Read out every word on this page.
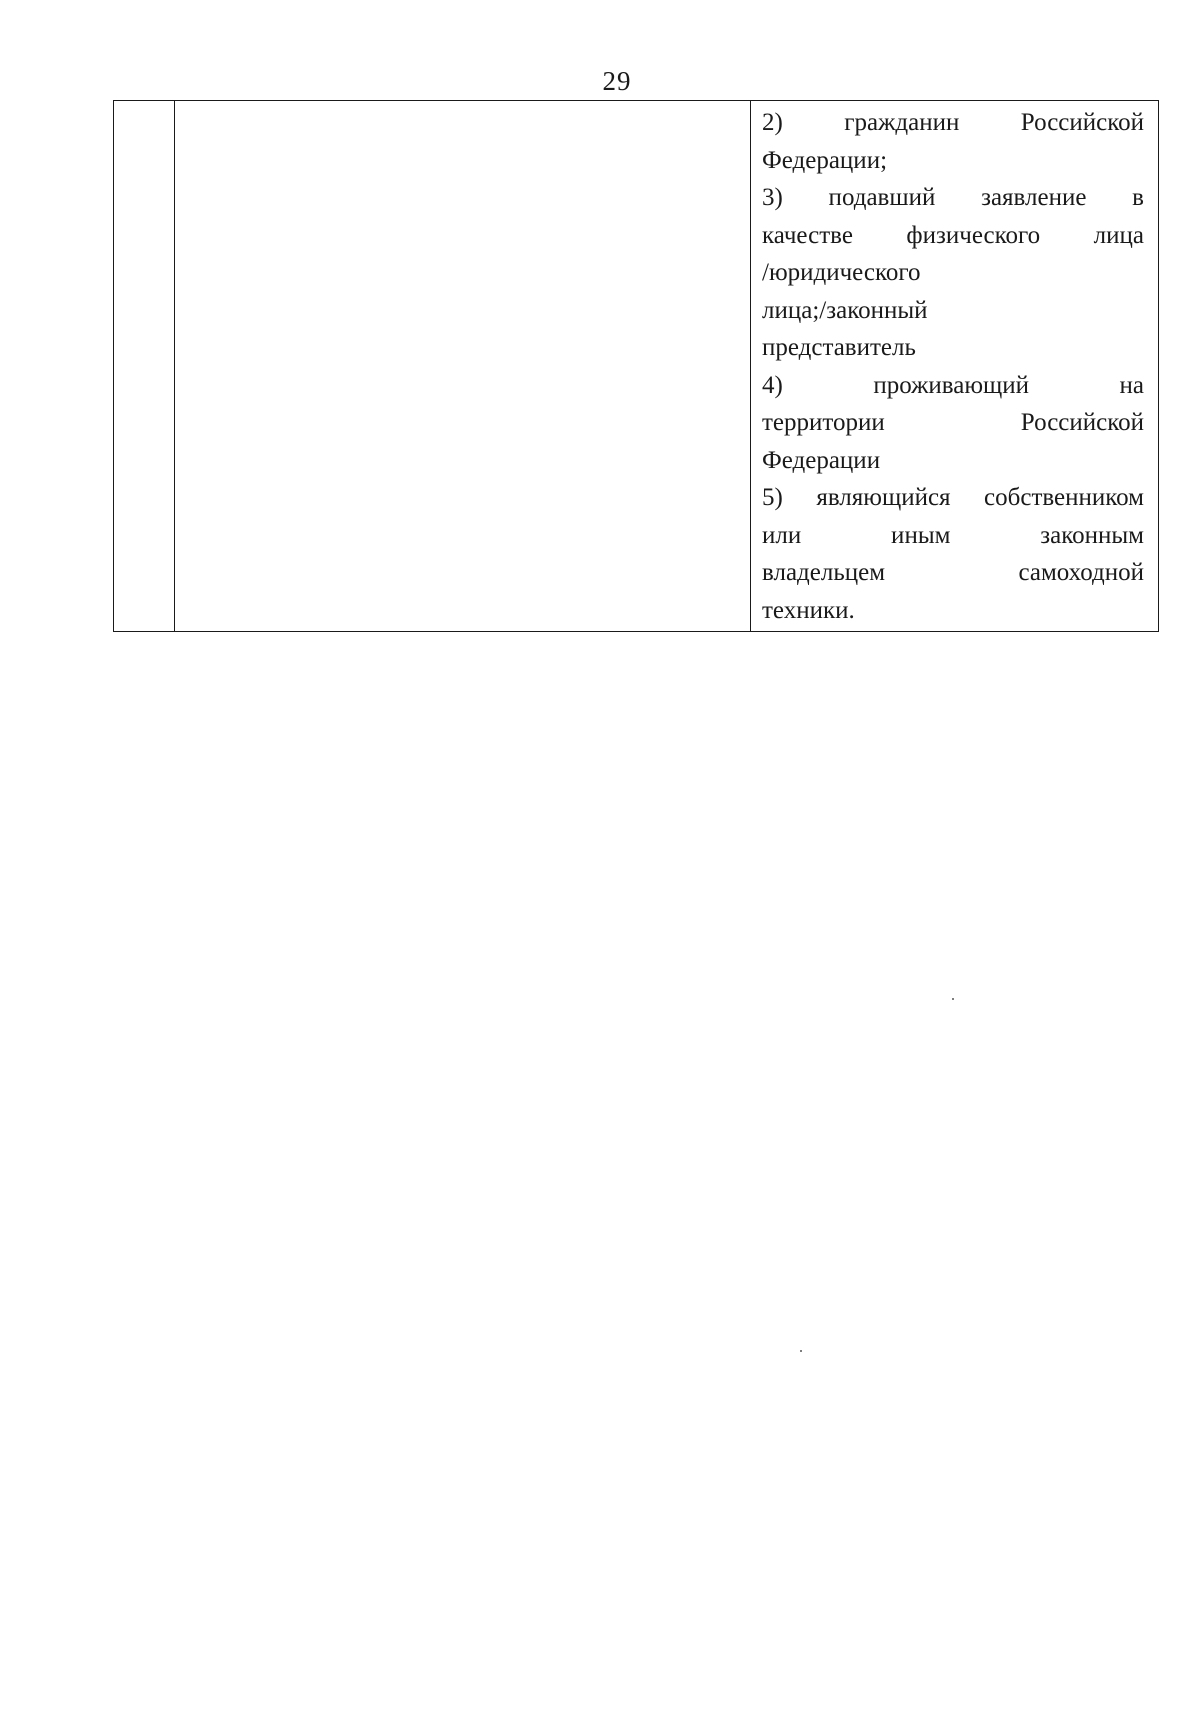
29

2) гражданин Российской

Федерации;

3) подавший заявление в

качестве физического лица

/юридического

лица;/законный

представитель

4) проживающий на

территории Российской

Федерации

5) являющийся собственником

или иным законным

владельцем самоходной

техники.
